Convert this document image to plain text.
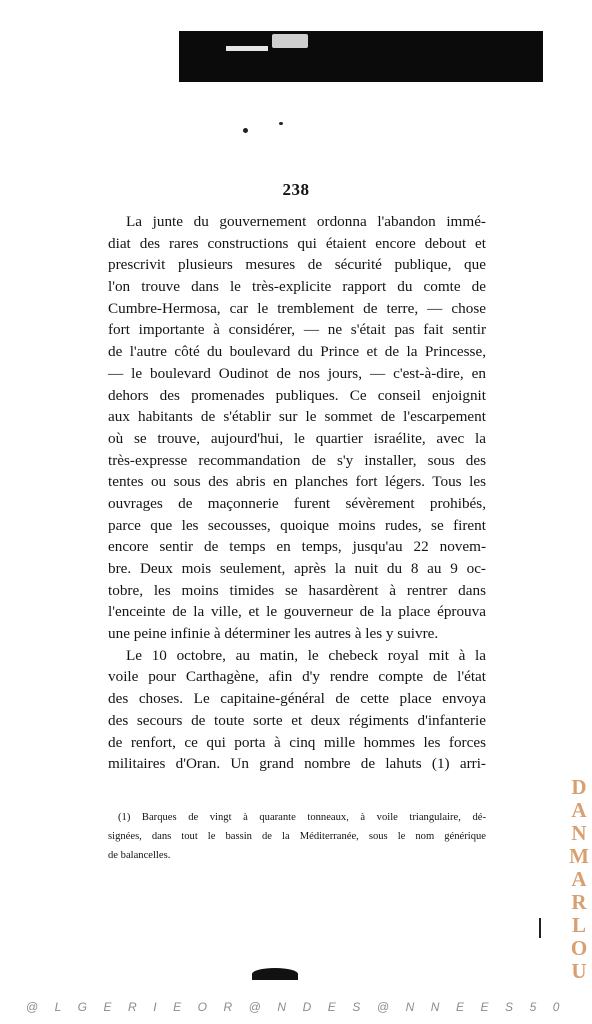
238
La junte du gouvernement ordonna l'abandon immé-
diat des rares constructions qui étaient encore debout et
prescrivit plusieurs mesures de sécurité publique, que
l'on trouve dans le très-explicite rapport du comte de
Cumbre-Hermosa, car le tremblement de terre, — chose
fort importante à considérer, — ne s'était pas fait sentir
de l'autre côté du boulevard du Prince et de la Princesse,
— le boulevard Oudinot de nos jours, — c'est-à-dire, en
dehors des promenades publiques. Ce conseil enjoignit
aux habitants de s'établir sur le sommet de l'escarpement
où se trouve, aujourd'hui, le quartier israélite, avec la
très-expresse recommandation de s'y installer, sous des
tentes ou sous des abris en planches fort légers. Tous les
ouvrages de maçonnerie furent sévèrement prohibés,
parce que les secousses, quoique moins rudes, se firent
encore sentir de temps en temps, jusqu'au 22 novem-
bre. Deux mois seulement, après la nuit du 8 au 9 oc-
tobre, les moins timides se hasardèrent à rentrer dans
l'enceinte de la ville, et le gouverneur de la place éprouva
une peine infinie à déterminer les autres à les y suivre.
Le 10 octobre, au matin, le chebeck royal mit à la
voile pour Carthagène, afin d'y rendre compte de l'état
des choses. Le capitaine-général de cette place envoya
des secours de toute sorte et deux régiments d'infanterie
de renfort, ce qui porta à cinq mille hommes les forces
militaires d'Oran. Un grand nombre de lahuts (1) arri-
(1) Barques de vingt à quarante tonneaux, à voile triangulaire, dé-
signées, dans tout le bassin de la Méditerranée, sous le nom générique
de balancelles.
D
A
N
M
A
R
L
O
U
@ L G E R I E O R @ N D E S @ N N E E S 5 0
